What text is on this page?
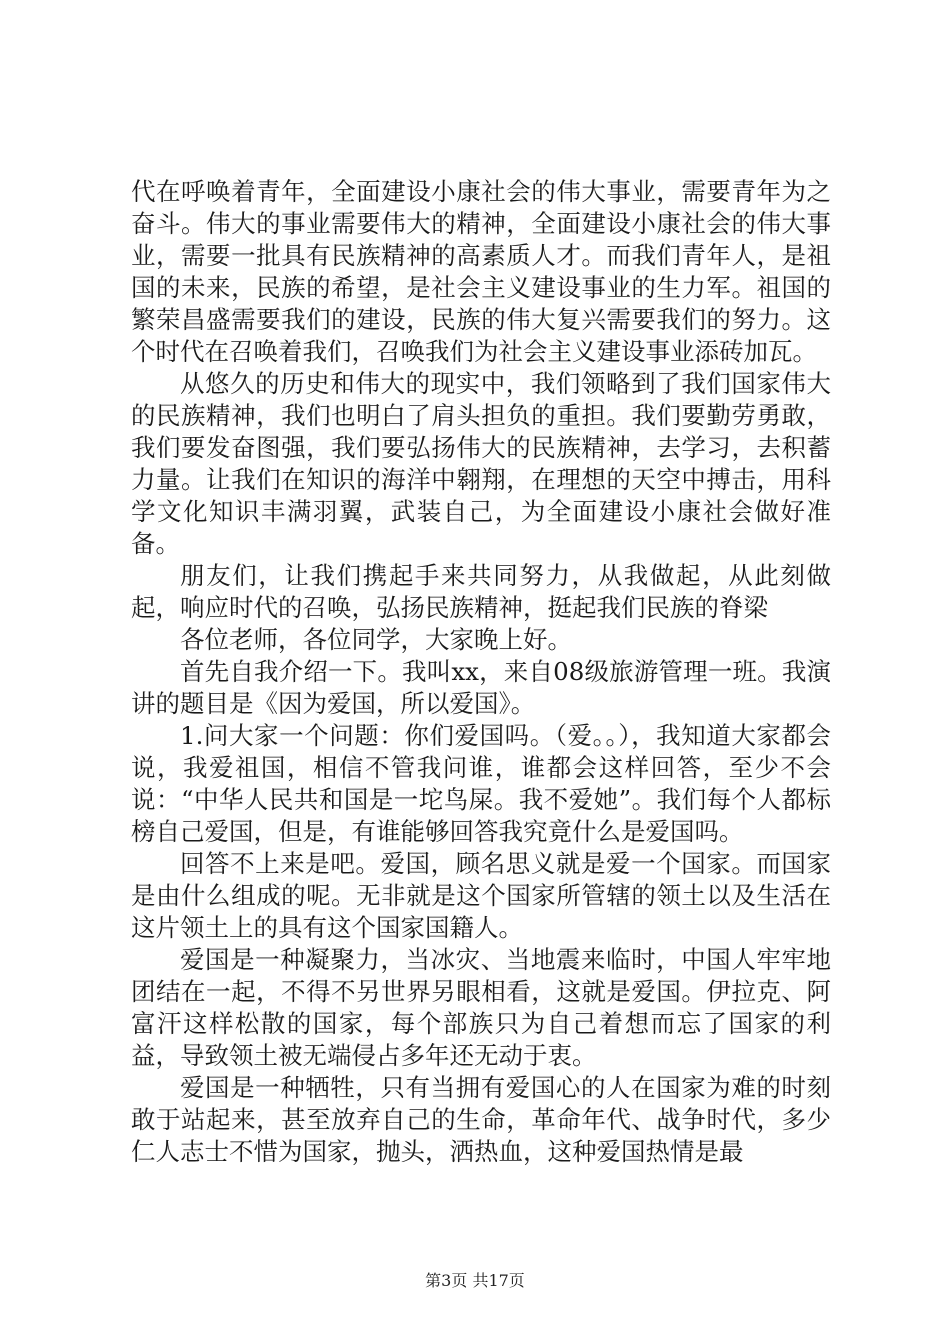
代在呼唤着青年，全面建设小康社会的伟大事业，需要青年为之奋斗。伟大的事业需要伟大的精神，全面建设小康社会的伟大事业，需要一批具有民族精神的高素质人才。而我们青年人，是祖国的未来，民族的希望，是社会主义建设事业的生力军。祖国的繁荣昌盛需要我们的建设，民族的伟大复兴需要我们的努力。这个时代在召唤着我们，召唤我们为社会主义建设事业添砖加瓦。

从悠久的历史和伟大的现实中，我们领略到了我们国家伟大的民族精神，我们也明白了肩头担负的重担。我们要勤劳勇敢，我们要发奋图强，我们要弘扬伟大的民族精神，去学习，去积蓄力量。让我们在知识的海洋中翱翔，在理想的天空中搏击，用科学文化知识丰满羽翼，武装自己，为全面建设小康社会做好准备。

朋友们，让我们携起手来共同努力，从我做起，从此刻做起，响应时代的召唤，弘扬民族精神，挺起我们民族的脊梁

各位老师，各位同学，大家晚上好。

首先自我介绍一下。我叫xx，来自08级旅游管理一班。我演讲的题目是《因为爱国，所以爱国》。

1.问大家一个问题：你们爱国吗。（爱。。），我知道大家都会说，我爱祖国，相信不管我问谁，谁都会这样回答，至少不会说：“中华人民共和国是一坨鸟屎。我不爱她”。我们每个人都标榜自己爱国，但是，有谁能够回答我究竟什么是爱国吗。

回答不上来是吧。爱国，顾名思义就是爱一个国家。而国家是由什么组成的呢。无非就是这个国家所管辖的领土以及生活在这片领土上的具有这个国家国籍人。

爱国是一种凝聚力，当冰灾、当地震来临时，中国人牢牢地团结在一起，不得不另世界另眼相看，这就是爱国。伊拉克、阿富汗这样松散的国家，每个部族只为自己着想而忘了国家的利益，导致领土被无端侵占多年还无动于衷。

爱国是一种牺牲，只有当拥有爱国心的人在国家为难的时刻敢于站起来，甚至放弃自己的生命，革命年代、战争时代，多少仁人志士不惜为国家，抛头，洒热血，这种爱国热情是最

第3页 共17页
